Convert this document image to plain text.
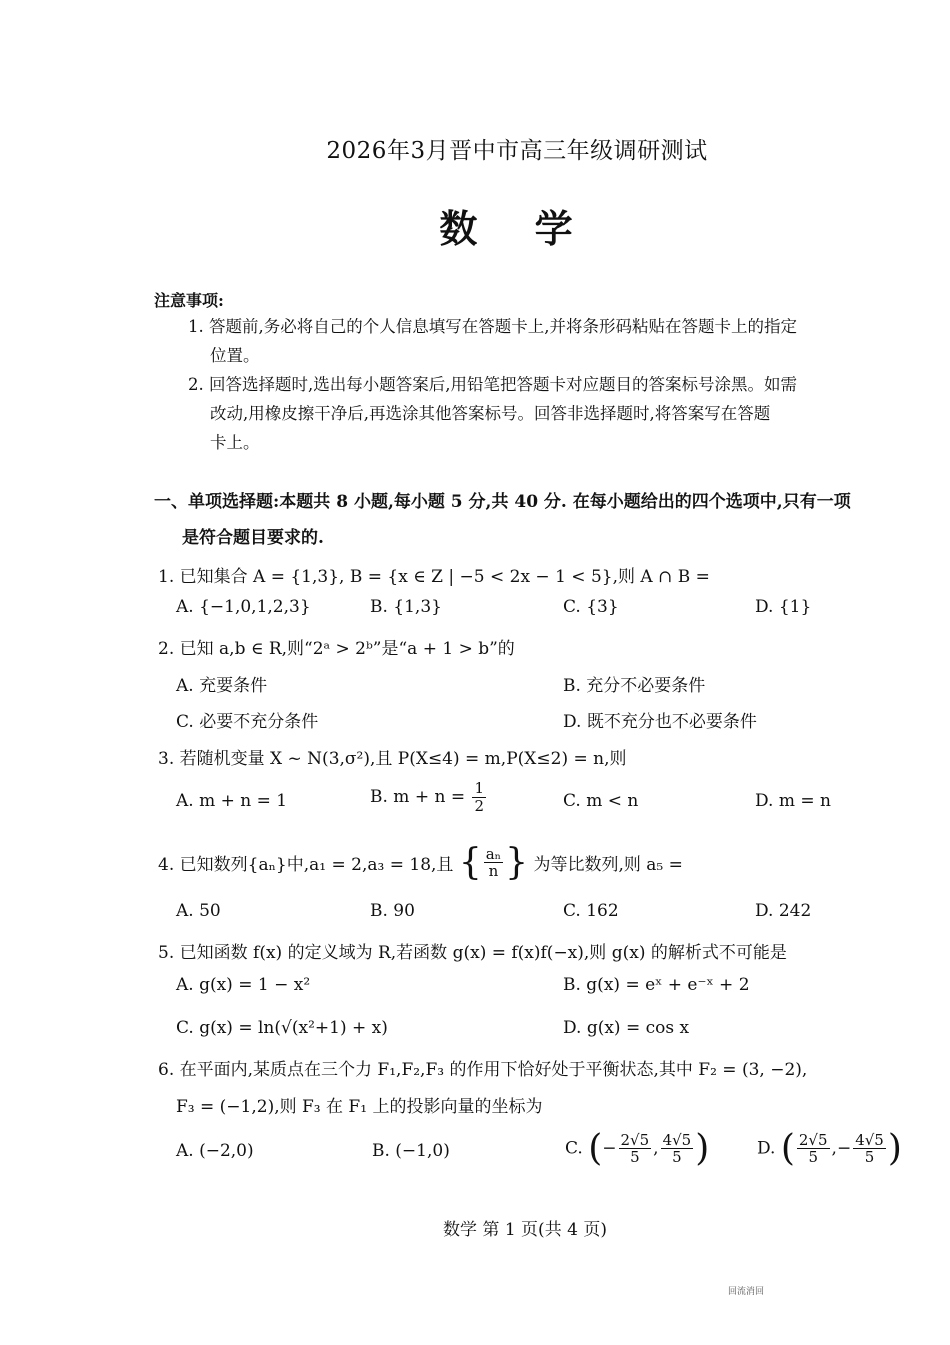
2026年3月晋中市高三年级调研测试
数 学
注意事项:
1. 答题前,务必将自己的个人信息填写在答题卡上,并将条形码粘贴在答题卡上的指定
位置。
2. 回答选择题时,选出每小题答案后,用铅笔把答题卡对应题目的答案标号涂黑。如需
改动,用橡皮擦干净后,再选涂其他答案标号。回答非选择题时,将答案写在答题
卡上。
一、单项选择题:本题共 8 小题,每小题 5 分,共 40 分. 在每小题给出的四个选项中,只有一项
是符合题目要求的.
1. 已知集合 A = {1,3}, B = {x ∈ Z | −5 < 2x − 1 < 5},则 A ∩ B =
A. {−1,0,1,2,3}	B. {1,3}	C. {3}	D. {1}
2. 已知 a,b ∈ R,则“2ᵃ > 2ᵇ”是“a + 1 > b”的
A. 充要条件	B. 充分不必要条件
C. 必要不充分条件	D. 既不充分也不必要条件
3. 若随机变量 X ~ N(3,σ²),且 P(X≤4) = m,P(X≤2) = n,则
A. m + n = 1	B. $m + n = \frac{1}{2}$	C. m < n	D. m = n
4. 已知数列{aₙ}中,a₁ = 2,a₃ = 18,且 { $\frac{\text{aₙ}}{n}$ } 为等比数列,则 a₅ =
A. 50	B. 90	C. 162	D. 242
5. 已知函数 f(x) 的定义域为 R,若函数 g(x) = f(x)f(−x),则 g(x) 的解析式不可能是
A. g(x) = 1 − x²	B. g(x) = eˣ + e⁻ˣ + 2
C. g(x) = ln(√(x²+1) + x)	D. g(x) = cos x
6. 在平面内,某质点在三个力 F₁,F₂,F₃ 的作用下恰好处于平衡状态,其中 F₂ = (3, −2),
F₃ = (−1,2),则 F₃ 在 F₁ 上的投影向量的坐标为
A. (−2,0)	B. (−1,0)	C. (− $\frac{2√5}{5}$ , $\frac{4√5}{5}$ )	D. ( $\frac{2√5}{5}$ ,− $\frac{4√5}{5}$ )
数学 第 1 页(共 4 页)
回流消回
